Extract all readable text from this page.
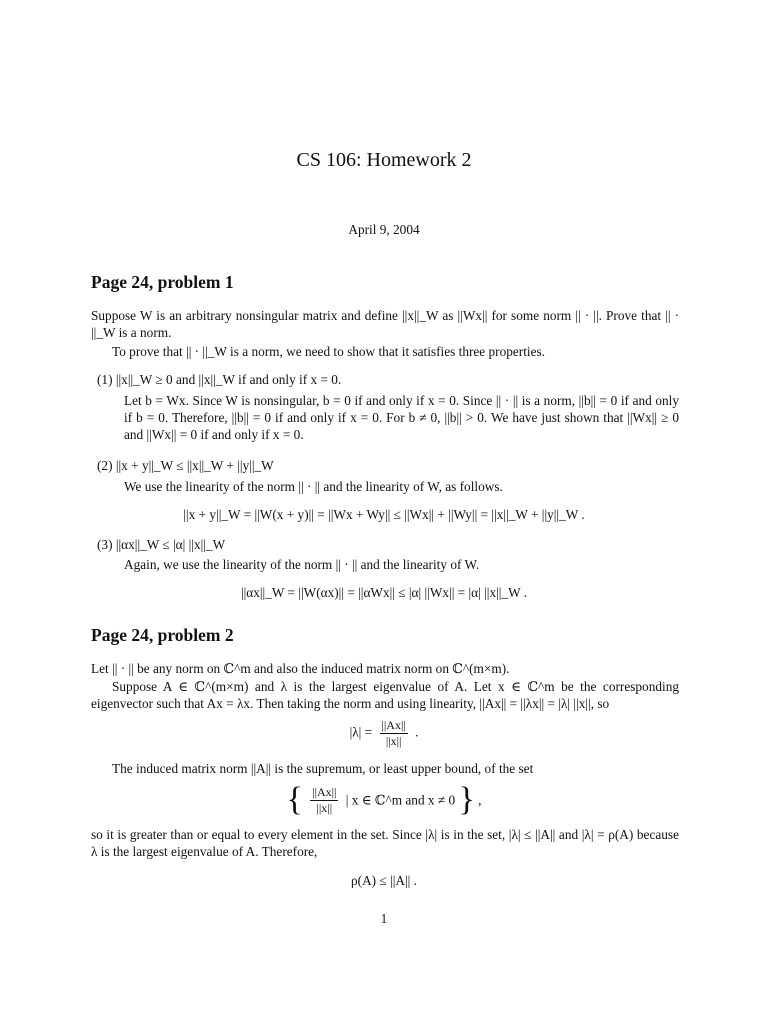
CS 106: Homework 2
April 9, 2004
Page 24, problem 1
Suppose W is an arbitrary nonsingular matrix and define ||x||_W as ||Wx|| for some norm || · ||. Prove that || · ||_W is a norm.
To prove that || · ||_W is a norm, we need to show that it satisfies three properties.
(1) ||x||_W ≥ 0 and ||x||_W if and only if x = 0.
Let b = Wx. Since W is nonsingular, b = 0 if and only if x = 0. Since || · || is a norm, ||b|| = 0 if and only if b = 0. Therefore, ||b|| = 0 if and only if x = 0. For b ≠ 0, ||b|| > 0. We have just shown that ||Wx|| ≥ 0 and ||Wx|| = 0 if and only if x = 0.
(2) ||x + y||_W ≤ ||x||_W + ||y||_W
We use the linearity of the norm || · || and the linearity of W, as follows.
||x + y||_W = ||W(x + y)|| = ||Wx + Wy|| ≤ ||Wx|| + ||Wy|| = ||x||_W + ||y||_W .
(3) ||αx||_W ≤ |α| ||x||_W
Again, we use the linearity of the norm || · || and the linearity of W.
||αx||_W = ||W(αx)|| = ||αWx|| ≤ |α| ||Wx|| = |α| ||x||_W .
Page 24, problem 2
Let || · || be any norm on ℂ^m and also the induced matrix norm on ℂ^(m×m).
Suppose A ∈ ℂ^(m×m) and λ is the largest eigenvalue of A. Let x ∈ ℂ^m be the corresponding eigenvector such that Ax = λx. Then taking the norm and using linearity, ||Ax|| = ||λx|| = |λ| ||x||, so
$|\lambda| = \frac{||Ax||}{||x||}$ .
The induced matrix norm ||A|| is the supremum, or least upper bound, of the set
{ $\frac{||Ax||}{||x||}$ | x ∈ ℂ^m and x ≠ 0 } ,
so it is greater than or equal to every element in the set. Since |λ| is in the set, |λ| ≤ ||A|| and |λ| = ρ(A) because λ is the largest eigenvalue of A. Therefore,
ρ(A) ≤ ||A|| .
1
